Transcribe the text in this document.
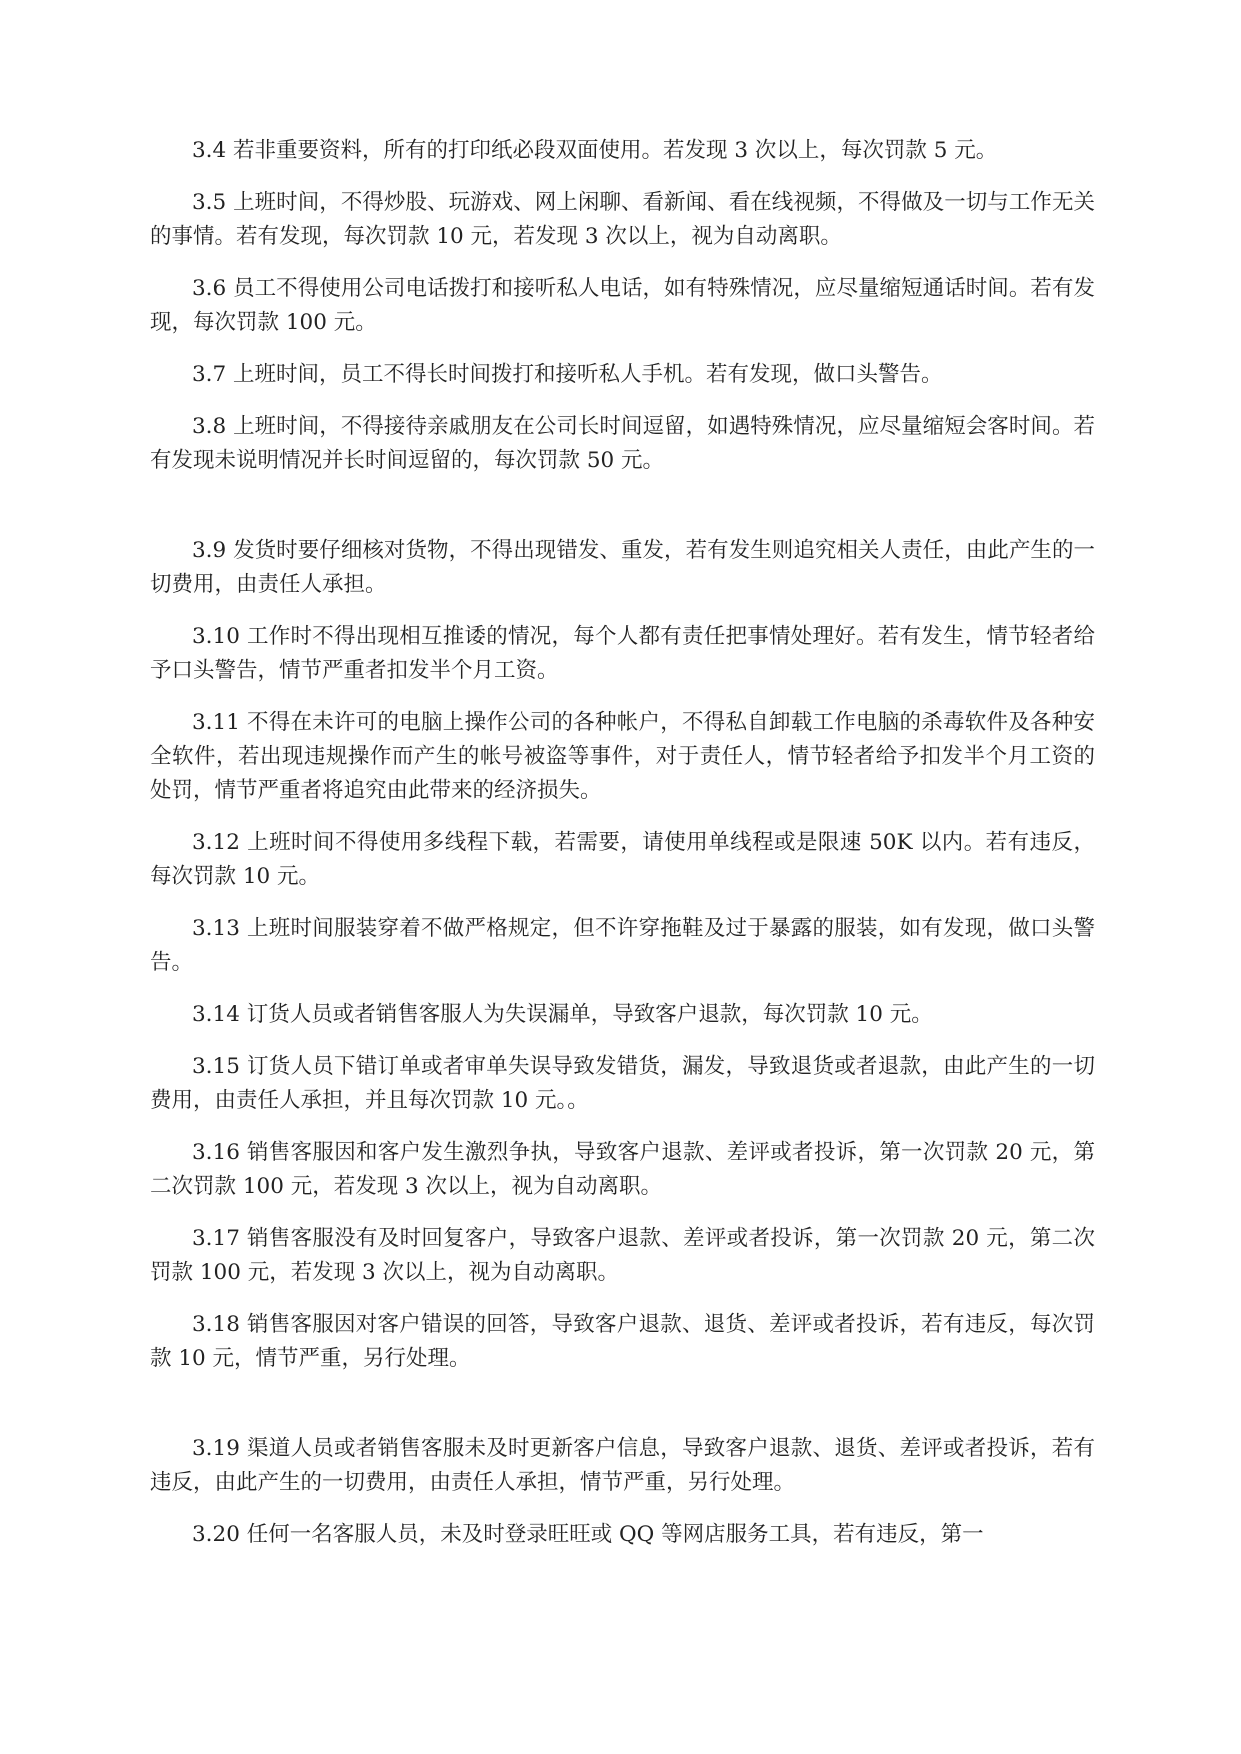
3.4 若非重要资料，所有的打印纸必段双面使用。若发现 3 次以上，每次罚款 5 元。

3.5 上班时间，不得炒股、玩游戏、网上闲聊、看新闻、看在线视频，不得做及一切与工作无关的事情。若有发现，每次罚款 10 元，若发现 3 次以上，视为自动离职。

3.6 员工不得使用公司电话拨打和接听私人电话，如有特殊情况，应尽量缩短通话时间。若有发现，每次罚款 100 元。

3.7 上班时间，员工不得长时间拨打和接听私人手机。若有发现，做口头警告。

3.8 上班时间，不得接待亲戚朋友在公司长时间逗留，如遇特殊情况，应尽量缩短会客时间。若有发现未说明情况并长时间逗留的，每次罚款 50 元。

3.9 发货时要仔细核对货物，不得出现错发、重发，若有发生则追究相关人责任，由此产生的一切费用，由责任人承担。

3.10 工作时不得出现相互推诿的情况，每个人都有责任把事情处理好。若有发生，情节轻者给予口头警告，情节严重者扣发半个月工资。

3.11 不得在未许可的电脑上操作公司的各种帐户，不得私自卸载工作电脑的杀毒软件及各种安全软件，若出现违规操作而产生的帐号被盗等事件，对于责任人，情节轻者给予扣发半个月工资的处罚，情节严重者将追究由此带来的经济损失。

3.12 上班时间不得使用多线程下载，若需要，请使用单线程或是限速 50K 以内。若有违反，每次罚款 10 元。

3.13 上班时间服装穿着不做严格规定，但不许穿拖鞋及过于暴露的服装，如有发现，做口头警告。

3.14 订货人员或者销售客服人为失误漏单，导致客户退款，每次罚款 10 元。

3.15 订货人员下错订单或者审单失误导致发错货，漏发，导致退货或者退款，由此产生的一切费用，由责任人承担，并且每次罚款 10 元。。

3.16 销售客服因和客户发生激烈争执，导致客户退款、差评或者投诉，第一次罚款 20 元，第二次罚款 100 元，若发现 3 次以上，视为自动离职。

3.17 销售客服没有及时回复客户，导致客户退款、差评或者投诉，第一次罚款 20 元，第二次罚款 100 元，若发现 3 次以上，视为自动离职。

3.18 销售客服因对客户错误的回答，导致客户退款、退货、差评或者投诉，若有违反，每次罚款 10 元，情节严重，另行处理。

3.19 渠道人员或者销售客服未及时更新客户信息，导致客户退款、退货、差评或者投诉，若有违反，由此产生的一切费用，由责任人承担，情节严重，另行处理。

3.20 任何一名客服人员，未及时登录旺旺或 QQ 等网店服务工具，若有违反，第一
